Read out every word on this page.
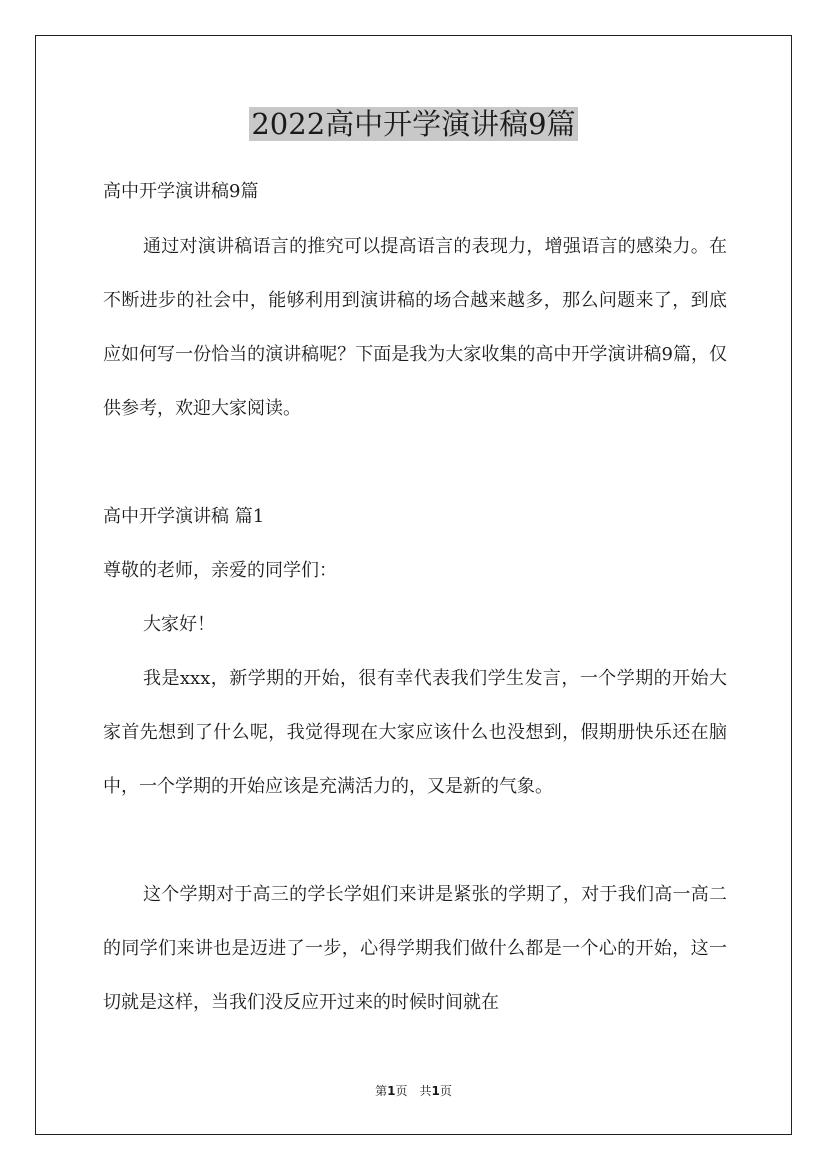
2022高中开学演讲稿9篇

高中开学演讲稿9篇

通过对演讲稿语言的推究可以提高语言的表现力，增强语言的感染力。在不断进步的社会中，能够利用到演讲稿的场合越来越多，那么问题来了，到底应如何写一份恰当的演讲稿呢？下面是我为大家收集的高中开学演讲稿9篇，仅供参考，欢迎大家阅读。

高中开学演讲稿 篇1

尊敬的老师，亲爱的同学们：

大家好！

我是xxx，新学期的开始，很有幸代表我们学生发言，一个学期的开始大家首先想到了什么呢，我觉得现在大家应该什么也没想到，假期册快乐还在脑中，一个学期的开始应该是充满活力的，又是新的气象。

这个学期对于高三的学长学姐们来讲是紧张的学期了，对于我们高一高二的同学们来讲也是迈进了一步，心得学期我们做什么都是一个心的开始，这一切就是这样，当我们没反应开过来的时候时间就在

第1页　共1页
